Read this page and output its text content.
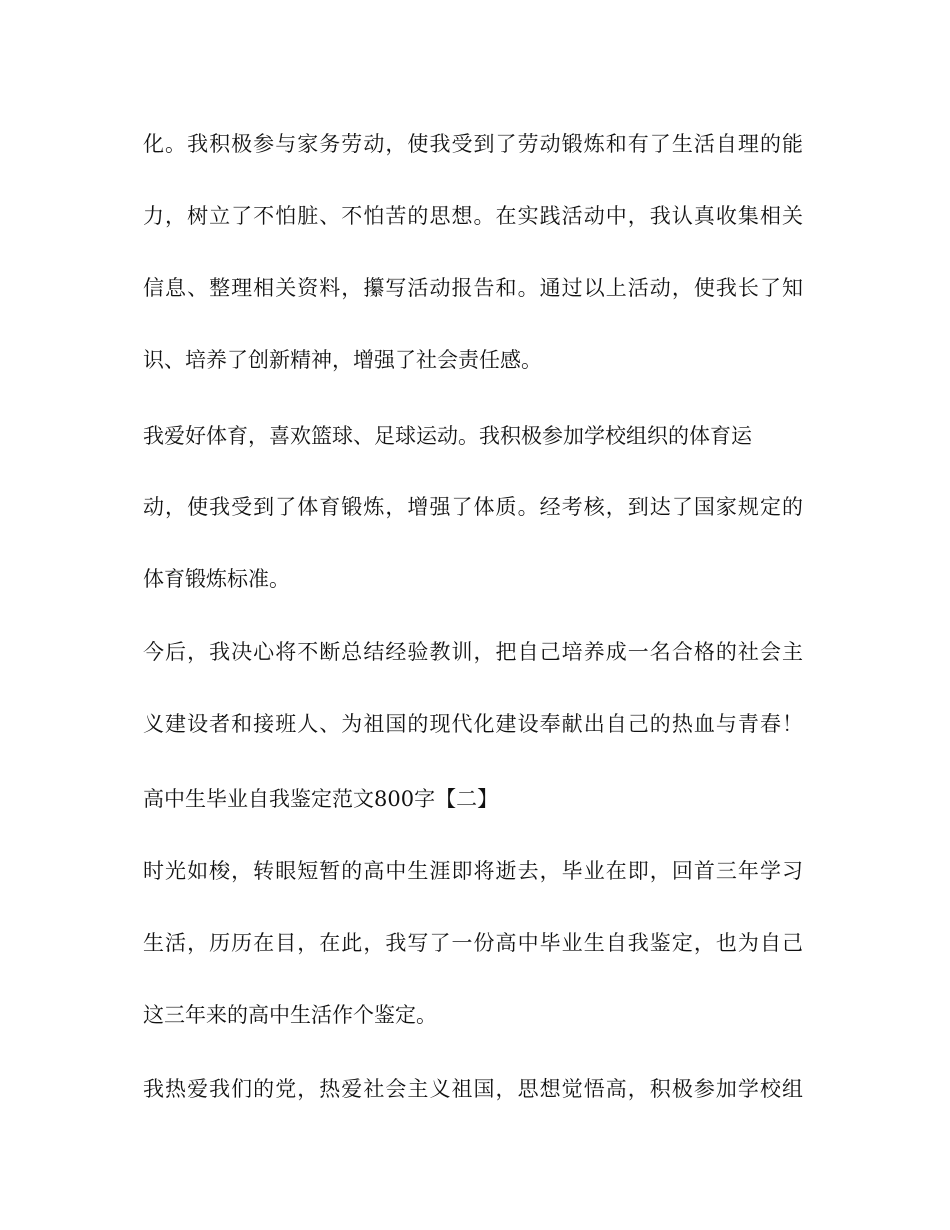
化。我积极参与家务劳动，使我受到了劳动锻炼和有了生活自理的能
力，树立了不怕脏、不怕苦的思想。在实践活动中，我认真收集相关
信息、整理相关资料，攥写活动报告和。通过以上活动，使我长了知
识、培养了创新精神，增强了社会责任感。
我爱好体育，喜欢篮球、足球运动。我积极参加学校组织的体育运
动，使我受到了体育锻炼，增强了体质。经考核，到达了国家规定的
体育锻炼标准。
今后，我决心将不断总结经验教训，把自己培养成一名合格的社会主
义建设者和接班人、为祖国的现代化建设奉献出自己的热血与青春！
高中生毕业自我鉴定范文800字【二】
时光如梭，转眼短暂的高中生涯即将逝去，毕业在即，回首三年学习
生活，历历在目，在此，我写了一份高中毕业生自我鉴定，也为自己
这三年来的高中生活作个鉴定。
我热爱我们的党，热爱社会主义祖国，思想觉悟高，积极参加学校组
